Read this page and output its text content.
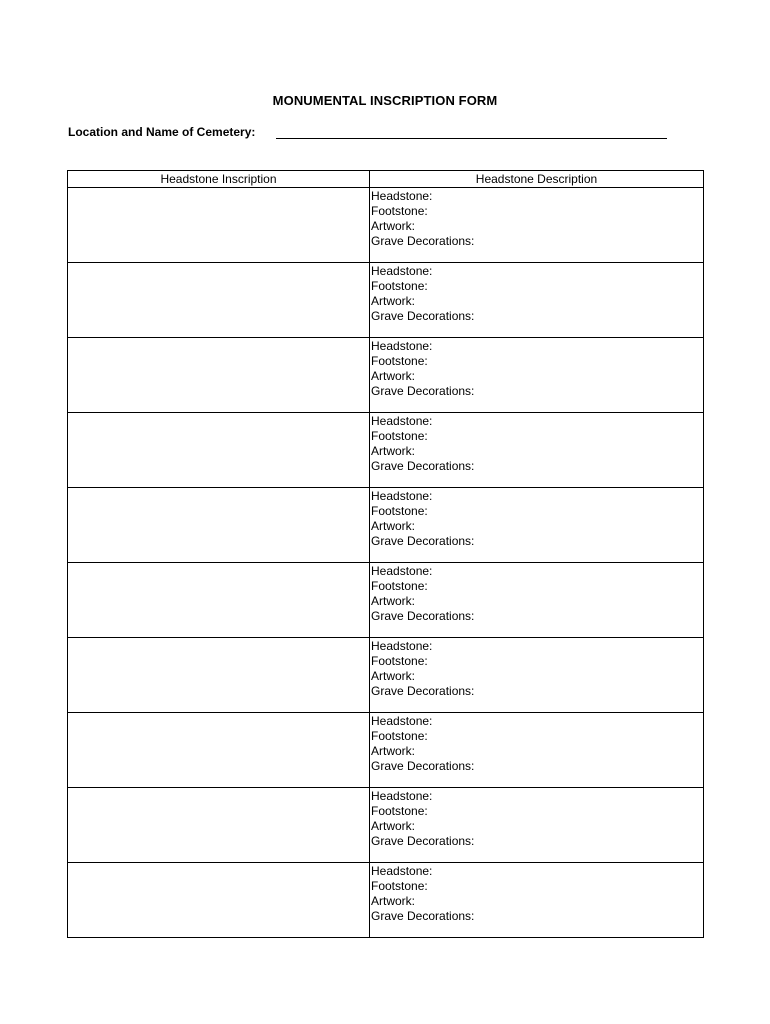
MONUMENTAL INSCRIPTION FORM
Location and Name of Cemetery:
Headstone Inscription	Headstone Description

	Headstone:
Footstone:
Artwork:
Grave Decorations:

	Headstone:
Footstone:
Artwork:
Grave Decorations:

	Headstone:
Footstone:
Artwork:
Grave Decorations:

	Headstone:
Footstone:
Artwork:
Grave Decorations:

	Headstone:
Footstone:
Artwork:
Grave Decorations:

	Headstone:
Footstone:
Artwork:
Grave Decorations:

	Headstone:
Footstone:
Artwork:
Grave Decorations:

	Headstone:
Footstone:
Artwork:
Grave Decorations:

	Headstone:
Footstone:
Artwork:
Grave Decorations:

	Headstone:
Footstone:
Artwork:
Grave Decorations:
